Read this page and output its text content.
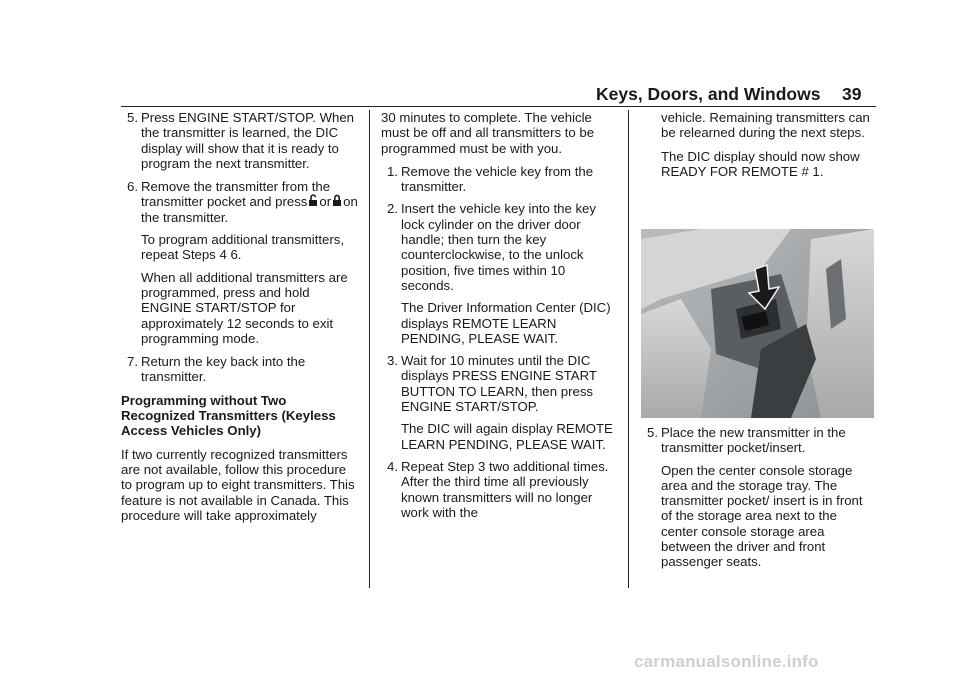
Keys, Doors, and Windows 39
5. Press ENGINE START/STOP. When the transmitter is learned, the DIC display will show that it is ready to program the next transmitter.

6. Remove the transmitter from the transmitter pocket and press or on the transmitter.

To program additional transmitters, repeat Steps 4 6.

When all additional transmitters are programmed, press and hold ENGINE START/STOP for approximately 12 seconds to exit programming mode.

7. Return the key back into the transmitter.

Programming without Two Recognized Transmitters (Keyless Access Vehicles Only)

If two currently recognized transmitters are not available, follow this procedure to program up to eight transmitters. This feature is not available in Canada. This procedure will take approximately

30 minutes to complete. The vehicle must be off and all transmitters to be programmed must be with you.

1. Remove the vehicle key from the transmitter.

2. Insert the vehicle key into the key lock cylinder on the driver door handle; then turn the key counterclockwise, to the unlock position, five times within 10 seconds.

The Driver Information Center (DIC) displays REMOTE LEARN PENDING, PLEASE WAIT.

3. Wait for 10 minutes until the DIC displays PRESS ENGINE START BUTTON TO LEARN, then press ENGINE START/STOP.

The DIC will again display REMOTE LEARN PENDING, PLEASE WAIT.

4. Repeat Step 3 two additional times. After the third time all previously known transmitters will no longer work with the

vehicle. Remaining transmitters can be relearned during the next steps.

The DIC display should now show READY FOR REMOTE # 1.

5. Place the new transmitter in the transmitter pocket/insert.

Open the center console storage area and the storage tray. The transmitter pocket/ insert is in front of the storage area next to the center console storage area between the driver and front passenger seats.

carmanualsonline.info
